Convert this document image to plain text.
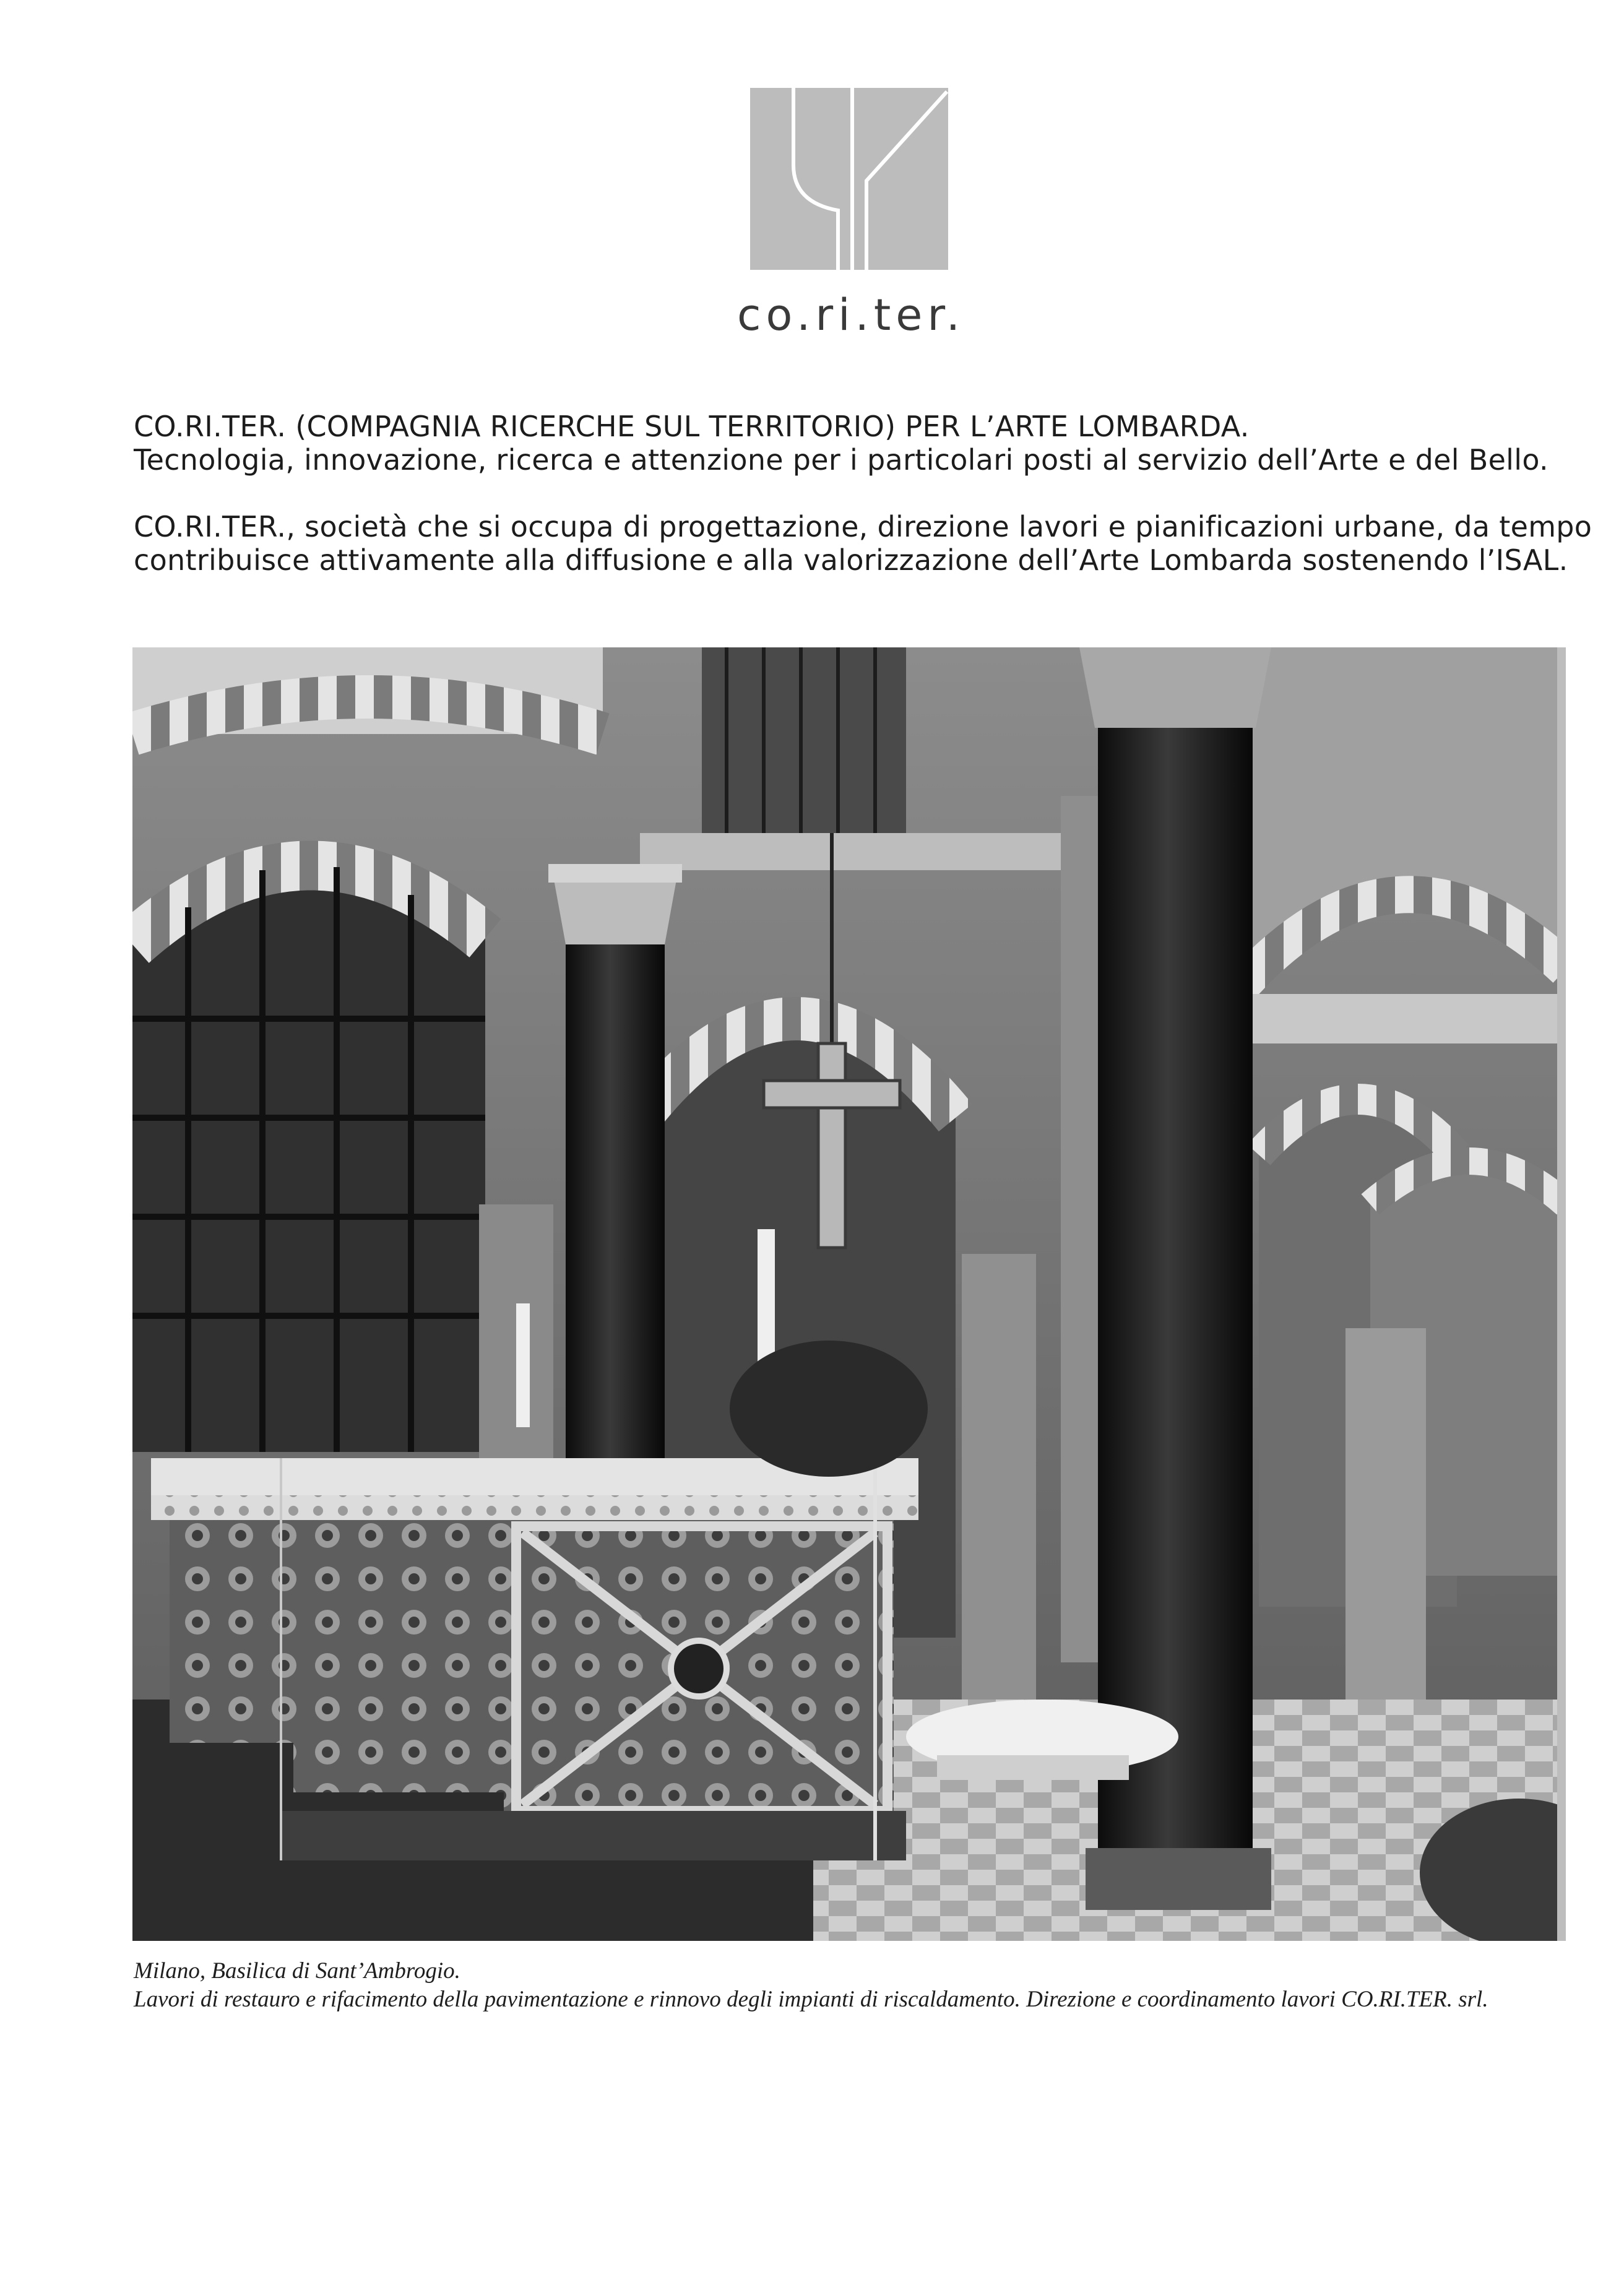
co.ri.ter.

CO.RI.TER. (COMPAGNIA RICERCHE SUL TERRITORIO) PER L’ARTE LOMBARDA.

Tecnologia, innovazione, ricerca e attenzione per i particolari posti al servizio dell’Arte e del Bello.

CO.RI.TER., società che si occupa di progettazione, direzione lavori e pianificazioni urbane, da tempo

contribuisce attivamente alla diffusione e alla valorizzazione dell’Arte Lombarda sostenendo l’ISAL.

Milano, Basilica di Sant’Ambrogio.

Lavori di restauro e rifacimento della pavimentazione e rinnovo degli impianti di riscaldamento. Direzione e coordinamento lavori CO.RI.TER. srl.
